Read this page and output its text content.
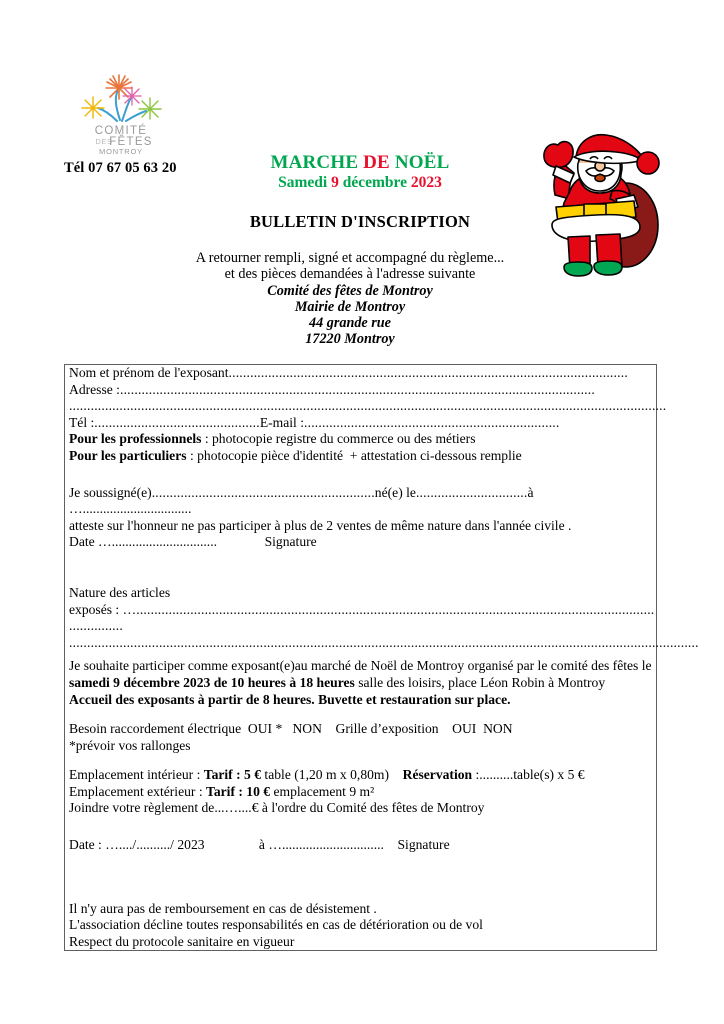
COMITÉ
DES
FÊTES
MONTROY
Tél 07 67 05 63 20	MARCHE DE NOËL
Samedi 9 décembre 2023
BULLETIN D'INSCRIPTION
A retourner rempli, signé et accompagné du règleme...
et des pièces demandées à l'adresse suivante
Comité des fêtes de Montroy
Mairie de Montroy
44 grande rue
17220 Montroy

Nom et prénom de l'exposant...............................................................................................................

Adresse :....................................................................................................................................

......................................................................................................................................................................

Tél :..............................................E-mail :.......................................................................

Pour les professionnels : photocopie registre du commerce ou des métiers

Pour les particuliers : photocopie pièce d'identité  + attestation ci-dessous remplie

Je soussigné(e)..............................................................né(e) le...............................à …................................

atteste sur l'honneur ne pas participer à plus de 2 ventes de même nature dans l'année civile .

Date …...............................	Signature

Nature des articles

exposés : …................................................................................................................................................

...............

...............................................................................................................................................................................

Je souhaite participer comme exposant(e)au marché de Noël de Montroy organisé par le comité des fêtes le samedi 9 décembre 2023 de 10 heures à 18 heures salle des loisirs, place Léon Robin à Montroy

Accueil des exposants à partir de 8 heures. Buvette et restauration sur place.

Besoin raccordement électrique  OUI *   NON Grille d’exposition    OUI  NON

*prévoir vos rallonges

Emplacement intérieur : Tarif : 5 € table (1,20 m x 0,80m)    Réservation :..........table(s) x 5 €

Emplacement extérieur : Tarif : 10 € emplacement 9 m²

Joindre votre règlement de...…....€ à l'ordre du Comité des fêtes de Montroy

Date : …..../........../ 2023	à ….............................. Signature

Il n'y aura pas de remboursement en cas de désistement .

L'association décline toutes responsabilités en cas de détérioration ou de vol

Respect du protocole sanitaire en vigueur
